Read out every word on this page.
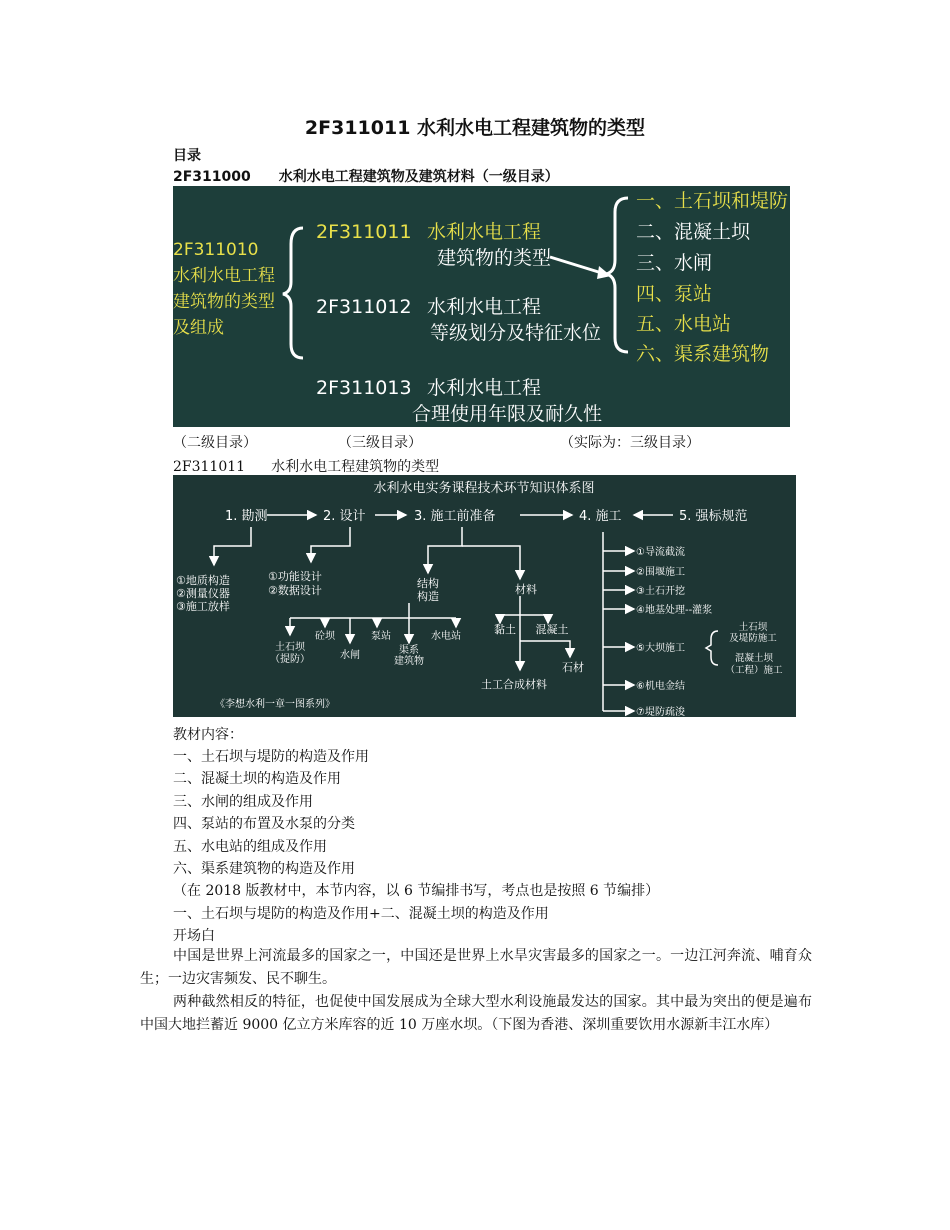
2F311011 水利水电工程建筑物的类型

目录

2F311000 水利水电工程建筑物及建筑材料（一级目录）

2F311010
水利水电工程
建筑物的类型
及组成
2F311011 水利水电工程
建筑物的类型
2F311012 水利水电工程
等级划分及特征水位
2F311013 水利水电工程
合理使用年限及耐久性
一、土石坝和堤防
二、混凝土坝
三、水闸
四、泵站
五、水电站
六、渠系建筑物
（二级目录）	（三级目录）	（实际为：三级目录）

2F311011 水利水电工程建筑物的类型

水利水电实务课程技术环节知识体系图
1. 勘测	2. 设计	3. 施工前准备	4. 施工	5. 强标规范
①地质构造
②测量仪器
③施工放样
①功能设计
②数据设计
结构
构造
土石坝
（提防）
砼坝
水闸
泵站
渠系
建筑物
水电站
材料
黏土 混凝土
石材
土工合成材料
①导流截流
②围堰施工
③土石开挖
④地基处理--灌浆
⑤大坝施工
⑥机电金结
⑦堤防疏浚
土石坝
及堤防施工
混凝土坝
（工程）施工
《李想水利一章一图系列》

教材内容：

一、土石坝与堤防的构造及作用

二、混凝土坝的构造及作用

三、水闸的组成及作用

四、泵站的布置及水泵的分类

五、水电站的组成及作用

六、渠系建筑物的构造及作用

（在 2018 版教材中，本节内容，以 6 节编排书写，考点也是按照 6 节编排）

一、土石坝与堤防的构造及作用+二、混凝土坝的构造及作用

开场白

中国是世界上河流最多的国家之一，中国还是世界上水旱灾害最多的国家之一。一边江河奔流、哺育众生；一边灾害频发、民不聊生。

两种截然相反的特征，也促使中国发展成为全球大型水利设施最发达的国家。其中最为突出的便是遍布中国大地拦蓄近 9000 亿立方米库容的近 10 万座水坝。（下图为香港、深圳重要饮用水源新丰江水库）
